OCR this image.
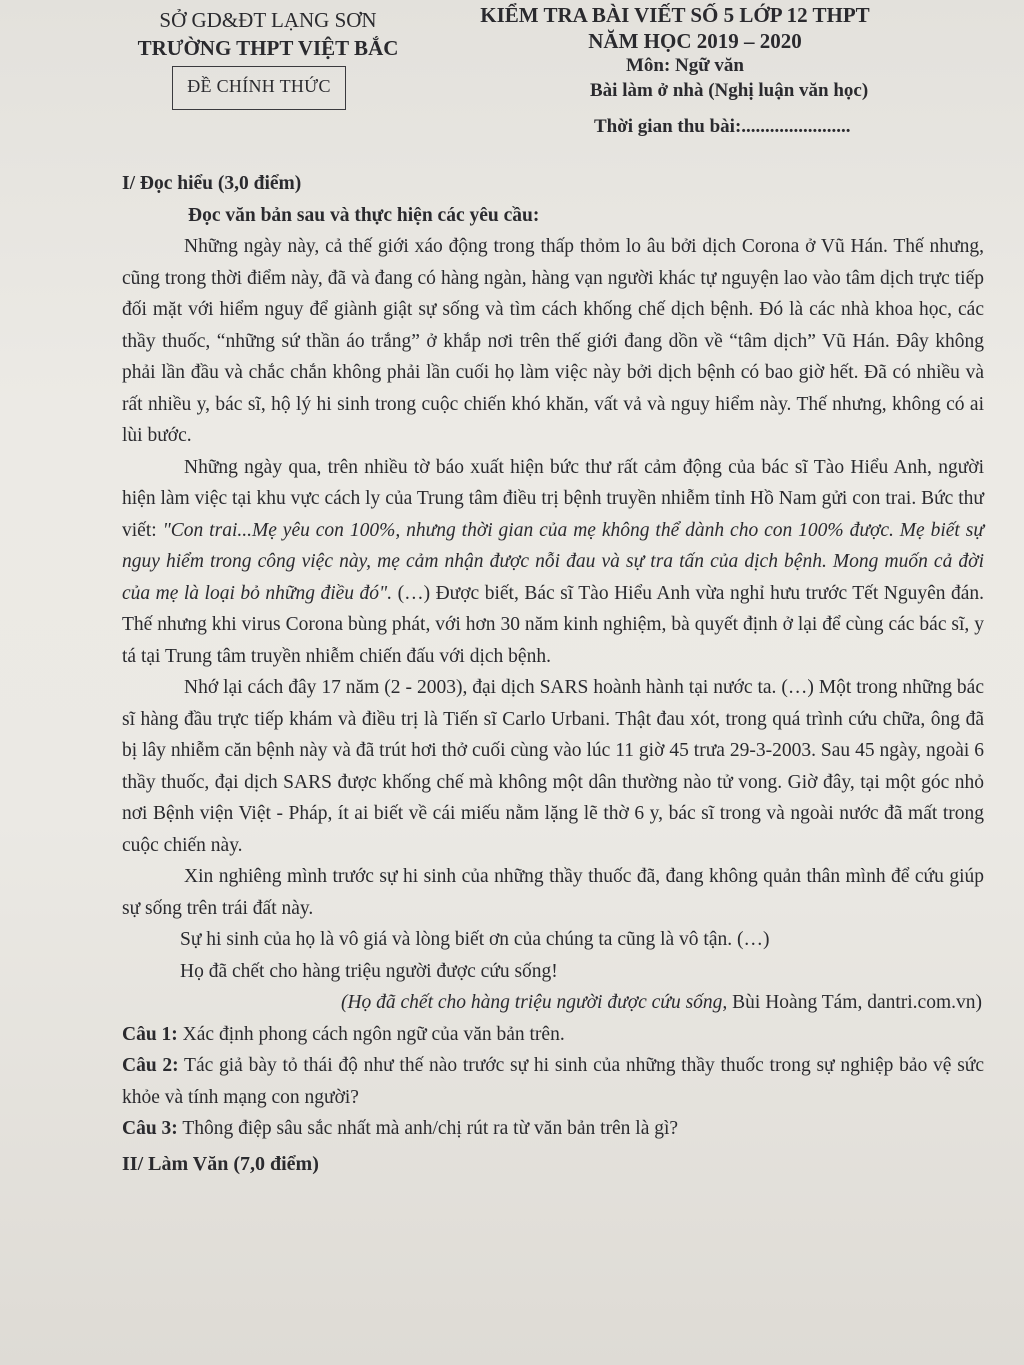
SỞ GD&ĐT LẠNG SƠN
TRƯỜNG THPT VIỆT BẮC
ĐỀ CHÍNH THỨC
KIỂM TRA BÀI VIẾT SỐ 5 LỚP 12 THPT
NĂM HỌC 2019 – 2020
Môn: Ngữ văn
Bài làm ở nhà (Nghị luận văn học)
Thời gian thu bài:.......................
I/ Đọc hiểu (3,0 điểm)
Đọc văn bản sau và thực hiện các yêu cầu:

Những ngày này, cả thế giới xáo động trong thấp thỏm lo âu bởi dịch Corona ở Vũ Hán. Thế nhưng, cũng trong thời điểm này, đã và đang có hàng ngàn, hàng vạn người khác tự nguyện lao vào tâm dịch trực tiếp đối mặt với hiểm nguy để giành giật sự sống và tìm cách khống chế dịch bệnh. Đó là các nhà khoa học, các thầy thuốc, “những sứ thần áo trắng” ở khắp nơi trên thế giới đang dồn về “tâm dịch” Vũ Hán. Đây không phải lần đầu và chắc chắn không phải lần cuối họ làm việc này bởi dịch bệnh có bao giờ hết. Đã có nhiều và rất nhiều y, bác sĩ, hộ lý hi sinh trong cuộc chiến khó khăn, vất vả và nguy hiểm này. Thế nhưng, không có ai lùi bước.

Những ngày qua, trên nhiều tờ báo xuất hiện bức thư rất cảm động của bác sĩ Tào Hiểu Anh, người hiện làm việc tại khu vực cách ly của Trung tâm điều trị bệnh truyền nhiễm tỉnh Hồ Nam gửi con trai. Bức thư viết: "Con trai...Mẹ yêu con 100%, nhưng thời gian của mẹ không thể dành cho con 100% được. Mẹ biết sự nguy hiểm trong công việc này, mẹ cảm nhận được nỗi đau và sự tra tấn của dịch bệnh. Mong muốn cả đời của mẹ là loại bỏ những điều đó". (…) Được biết, Bác sĩ Tào Hiểu Anh vừa nghỉ hưu trước Tết Nguyên đán. Thế nhưng khi virus Corona bùng phát, với hơn 30 năm kinh nghiệm, bà quyết định ở lại để cùng các bác sĩ, y tá tại Trung tâm truyền nhiễm chiến đấu với dịch bệnh.

Nhớ lại cách đây 17 năm (2 - 2003), đại dịch SARS hoành hành tại nước ta. (…) Một trong những bác sĩ hàng đầu trực tiếp khám và điều trị là Tiến sĩ Carlo Urbani. Thật đau xót, trong quá trình cứu chữa, ông đã bị lây nhiễm căn bệnh này và đã trút hơi thở cuối cùng vào lúc 11 giờ 45 trưa 29-3-2003. Sau 45 ngày, ngoài 6 thầy thuốc, đại dịch SARS được khống chế mà không một dân thường nào tử vong. Giờ đây, tại một góc nhỏ nơi Bệnh viện Việt - Pháp, ít ai biết về cái miếu nằm lặng lẽ thờ 6 y, bác sĩ trong và ngoài nước đã mất trong cuộc chiến này.

Xin nghiêng mình trước sự hi sinh của những thầy thuốc đã, đang không quản thân mình để cứu giúp sự sống trên trái đất này.

Sự hi sinh của họ là vô giá và lòng biết ơn của chúng ta cũng là vô tận. (…)

Họ đã chết cho hàng triệu người được cứu sống!

(Họ đã chết cho hàng triệu người được cứu sống, Bùi Hoàng Tám, dantri.com.vn)

Câu 1: Xác định phong cách ngôn ngữ của văn bản trên.

Câu 2: Tác giả bày tỏ thái độ như thế nào trước sự hi sinh của những thầy thuốc trong sự nghiệp bảo vệ sức khỏe và tính mạng con người?

Câu 3: Thông điệp sâu sắc nhất mà anh/chị rút ra từ văn bản trên là gì?

II/ Làm Văn (7,0 điểm)
